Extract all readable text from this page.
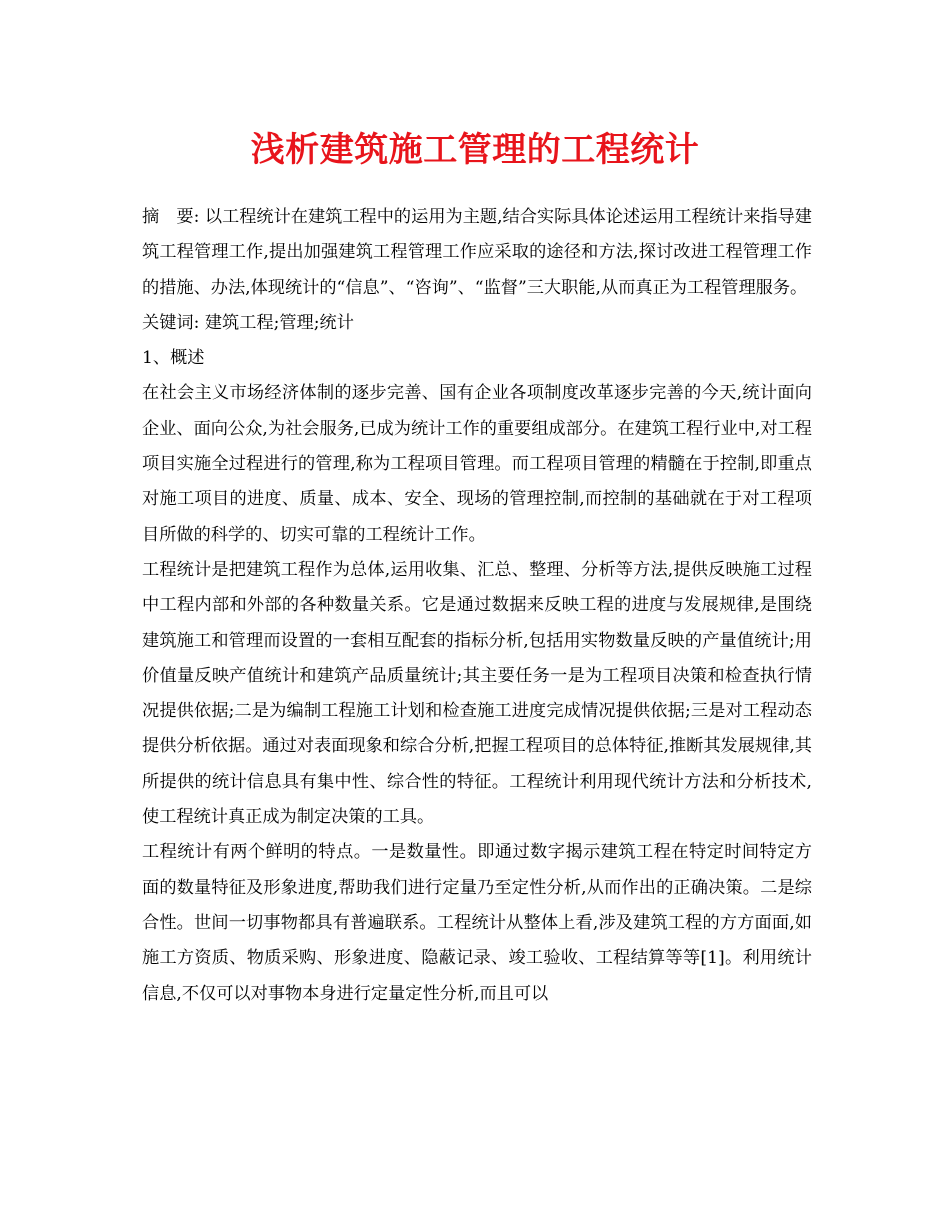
浅析建筑施工管理的工程统计

摘　要: 以工程统计在建筑工程中的运用为主题,结合实际具体论述运用工程统计来指导建筑工程管理工作,提出加强建筑工程管理工作应采取的途径和方法,探讨改进工程管理工作的措施、办法,体现统计的“信息”、“咨询”、“监督”三大职能,从而真正为工程管理服务。

关键词: 建筑工程;管理;统计

1、概述

在社会主义市场经济体制的逐步完善、国有企业各项制度改革逐步完善的今天,统计面向企业、面向公众,为社会服务,已成为统计工作的重要组成部分。在建筑工程行业中,对工程项目实施全过程进行的管理,称为工程项目管理。而工程项目管理的精髓在于控制,即重点对施工项目的进度、质量、成本、安全、现场的管理控制,而控制的基础就在于对工程项目所做的科学的、切实可靠的工程统计工作。

工程统计是把建筑工程作为总体,运用收集、汇总、整理、分析等方法,提供反映施工过程中工程内部和外部的各种数量关系。它是通过数据来反映工程的进度与发展规律,是围绕建筑施工和管理而设置的一套相互配套的指标分析,包括用实物数量反映的产量值统计;用价值量反映产值统计和建筑产品质量统计;其主要任务一是为工程项目决策和检查执行情况提供依据;二是为编制工程施工计划和检查施工进度完成情况提供依据;三是对工程动态提供分析依据。通过对表面现象和综合分析,把握工程项目的总体特征,推断其发展规律,其所提供的统计信息具有集中性、综合性的特征。工程统计利用现代统计方法和分析技术,使工程统计真正成为制定决策的工具。

工程统计有两个鲜明的特点。一是数量性。即通过数字揭示建筑工程在特定时间特定方面的数量特征及形象进度,帮助我们进行定量乃至定性分析,从而作出的正确决策。二是综合性。世间一切事物都具有普遍联系。工程统计从整体上看,涉及建筑工程的方方面面,如施工方资质、物质采购、形象进度、隐蔽记录、竣工验收、工程结算等等[1]。利用统计信息,不仅可以对事物本身进行定量定性分析,而且可以
